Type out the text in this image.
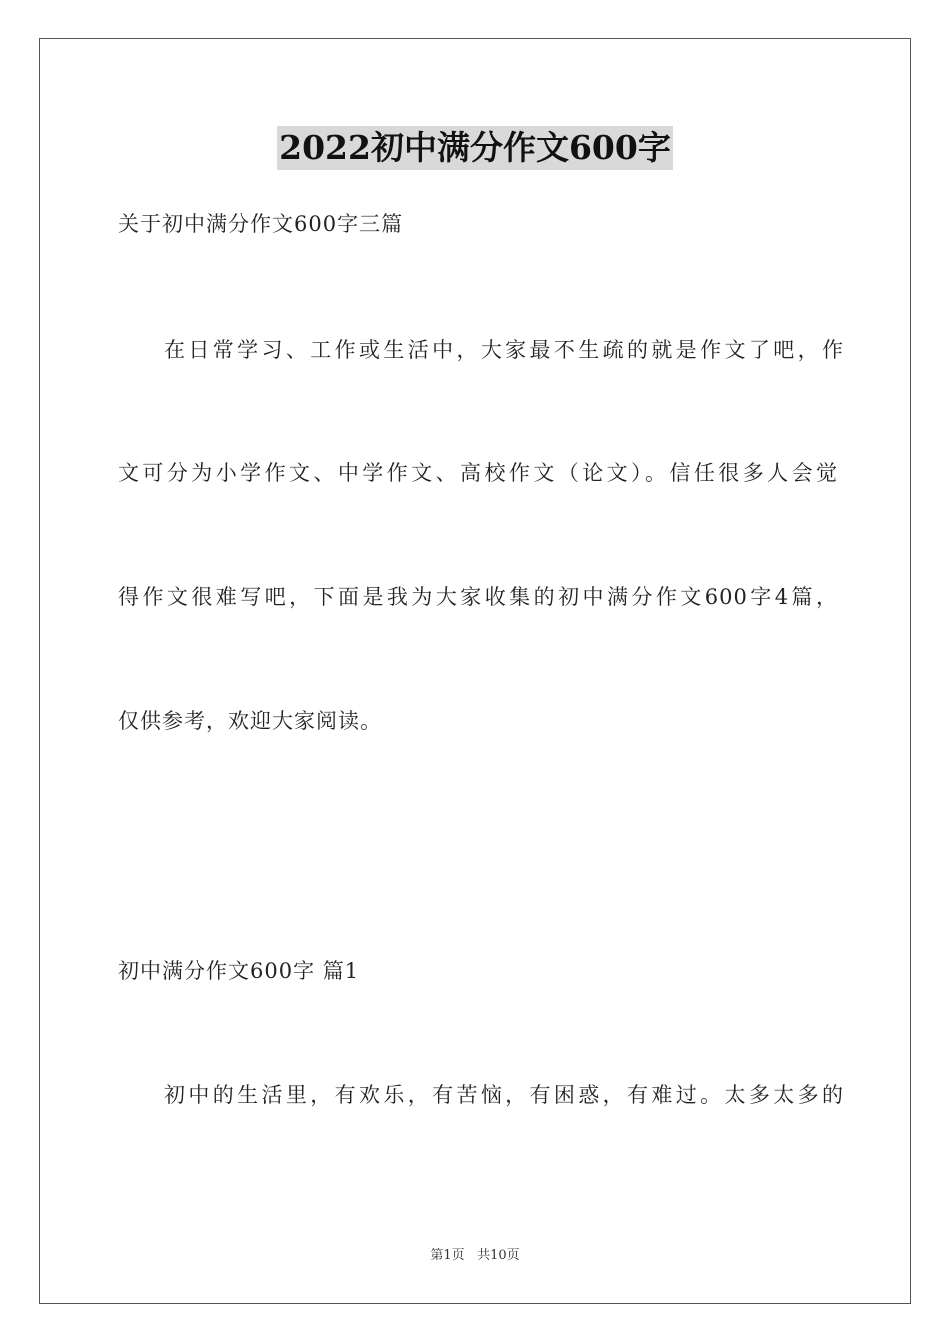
2022初中满分作文600字
关于初中满分作文600字三篇
在日常学习、工作或生活中，大家最不生疏的就是作文了吧，作
文可分为小学作文、中学作文、高校作文（论文）。信任很多人会觉
得作文很难写吧，下面是我为大家收集的初中满分作文600字4篇，
仅供参考，欢迎大家阅读。
初中满分作文600字 篇1
初中的生活里，有欢乐，有苦恼，有困惑，有难过。太多太多的
第1页 共10页
